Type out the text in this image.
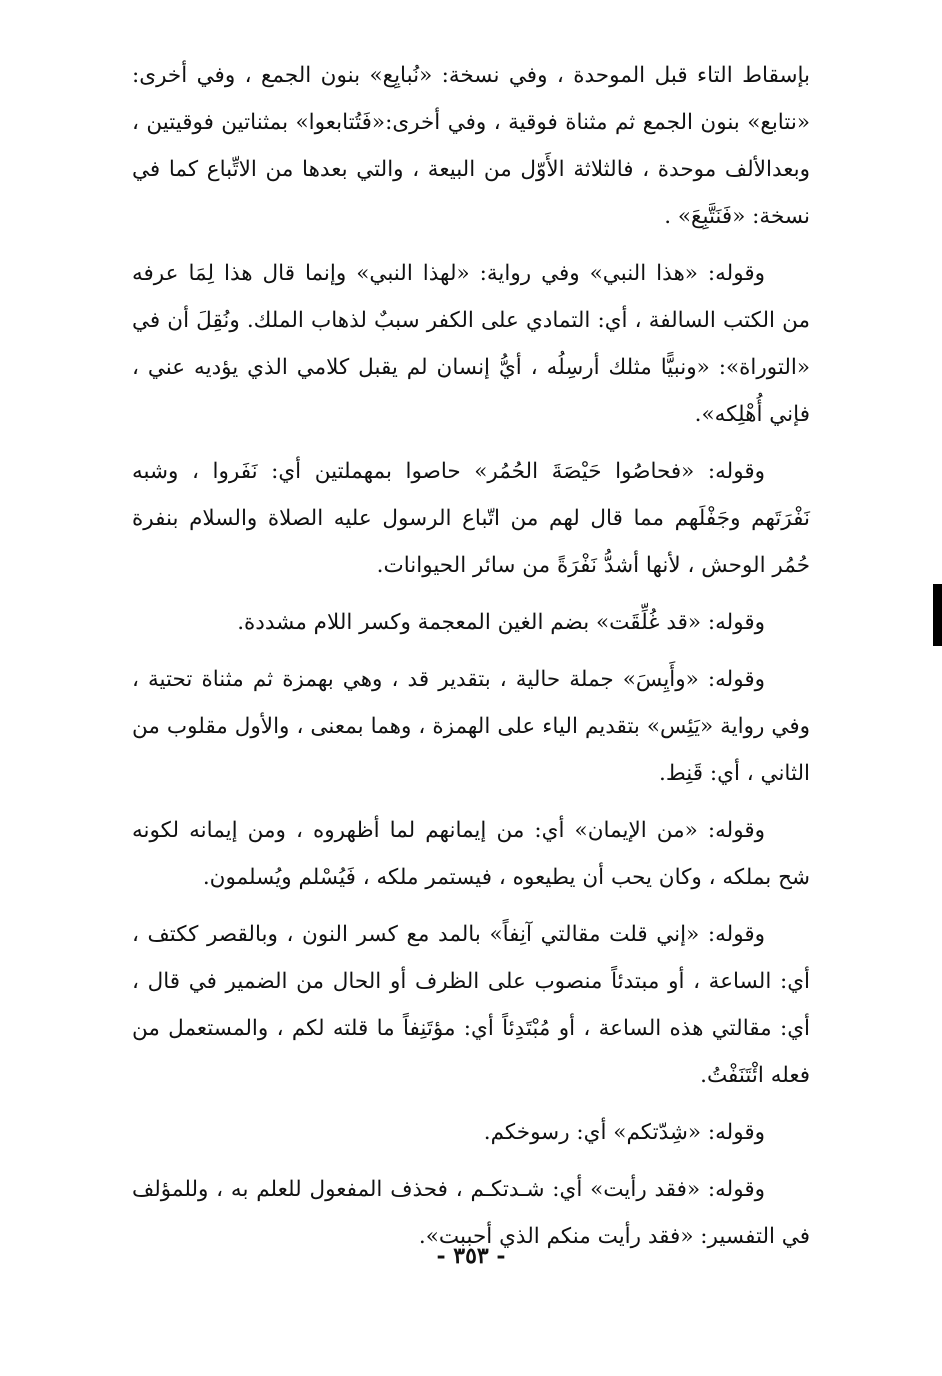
بإسقاط التاء قبل الموحدة ، وفي نسخة: «نُبايِع» بنون الجمع ، وفي أخرى: «نتابع» بنون الجمع ثم مثناة فوقية ، وفي أخرى:«فَتُتابعوا» بمثناتين فوقيتين ، وبعدالألف موحدة ، فالثلاثة الأَوّل من البيعة ، والتي بعدها من الاتِّباع كما في نسخة: «فَنَتَّبِعَ» .

وقوله: «هذا النبي» وفي رواية: «لهذا النبي» وإنما قال هذا لِمَا عرفه من الكتب السالفة ، أي: التمادي على الكفر سببٌ لذهاب الملك. ونُقِلَ أن في «التوراة»: «ونبيًّا مثلك أرسِلُه ، أيُّ إنسان لم يقبل كلامي الذي يؤديه عني ، فإني أُهْلِكه».

وقوله: «فحاصُوا حَيْصَةَ الحُمُر» حاصوا بمهملتين أي: نَفَروا ، وشبه نَفْرَتَهم وجَفْلَهم مما قال لهم من اتّباع الرسول عليه الصلاة والسلام بنفرة حُمُر الوحش ، لأنها أشدُّ نَفْرَةً من سائر الحيوانات.

وقوله: «قد غُلِّقَت» بضم الغين المعجمة وكسر اللام مشددة.

وقوله: «وأَيِسَ» جملة حالية ، بتقدير قد ، وهي بهمزة ثم مثناة تحتية ، وفي رواية «يَئِس» بتقديم الياء على الهمزة ، وهما بمعنى ، والأول مقلوب من الثاني ، أي: قَنِط.

وقوله: «من الإيمان» أي: من إيمانهم لما أظهروه ، ومن إيمانه لكونه شح بملكه ، وكان يحب أن يطيعوه ، فيستمر ملكه ، فَيُسْلم ويُسلمون.

وقوله: «إني قلت مقالتي آنِفاً» بالمد مع كسر النون ، وبالقصر ككتف ، أي: الساعة ، أو مبتدئاً منصوب على الظرف أو الحال من الضمير في قال ، أي: مقالتي هذه الساعة ، أو مُبْتَدِئاً أي: مؤتَنِفاً ما قلته لكم ، والمستعمل من فعله ائْتَنَفْتُ.

وقوله: «شِدّتكم» أي: رسوخكم.

وقوله: «فقد رأيت» أي: شـدتكـم ، فحذف المفعول للعلم به ، وللمؤلف في التفسير: «فقد رأيت منكم الذي أحببت».

- ٣٥٣ -
